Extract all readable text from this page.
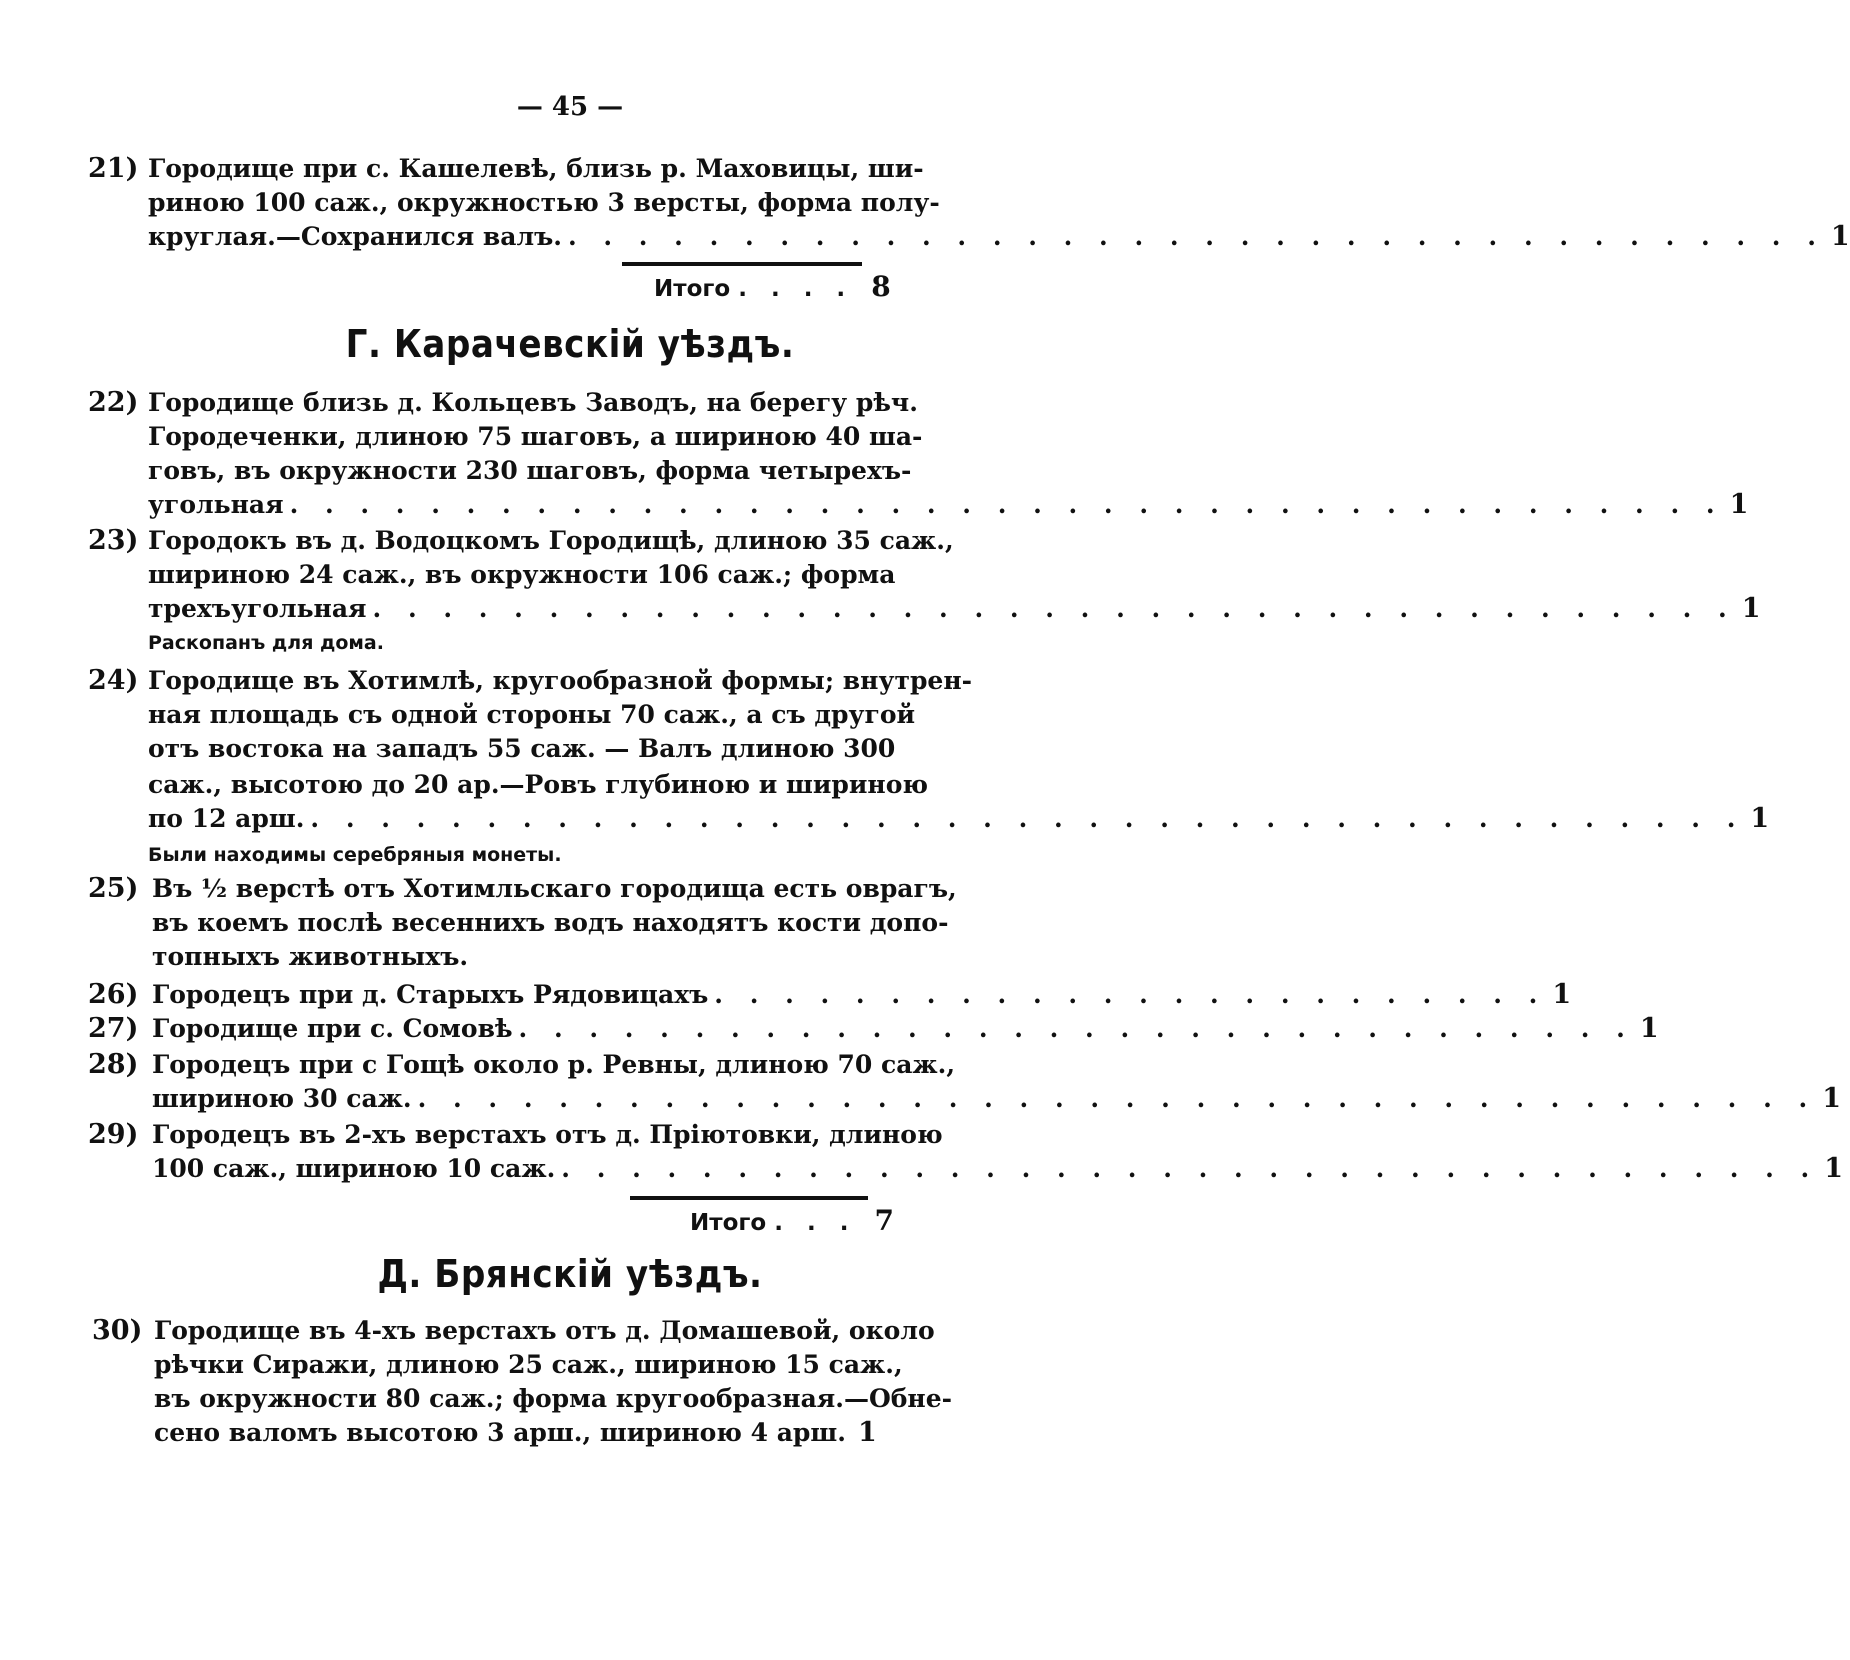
— 45 —
21) Городище при с. Кашелевѣ, близь р. Маховицы, ши-
риною 100 саж., окружностью 3 версты, форма полу-
круглая.—Сохранился валъ. . . . . . . . . . . . . . . . . . . . . . . . . . . . . . . . . . . . . 1
Итого . . . . 8
Г. Карачевскій уѣздъ.
22) Городище близь д. Кольцевъ Заводъ, на берегу рѣч.
Городеченки, длиною 75 шаговъ, а шириною 40 ша-
говъ, въ окружности 230 шаговъ, форма четырехъ-
угольная . . . . . . . . . . . . . . . . . . . . . . . . . . . . . . . . . . . . . . . . . 1
23) Городокъ въ д. Водоцкомъ Городищѣ, длиною 35 саж.,
шириною 24 саж., въ окружности 106 саж.; форма
трехъугольная . . . . . . . . . . . . . . . . . . . . . . . . . . . . . . . . . . . . . . . 1
Раскопанъ для дома.
24) Городище въ Хотимлѣ, кругообразной формы; внутрен-
ная площадь съ одной стороны 70 саж., а съ другой
отъ востока на западъ 55 саж. — Валъ длиною 300
саж., высотою до 20 ар.—Ровъ глубиною и шириною
по 12 арш. . . . . . . . . . . . . . . . . . . . . . . . . . . . . . . . . . . . . . . . . . 1
Были находимы серебряныя монеты.
25) Въ ½ верстѣ отъ Хотимльскаго городища есть оврагъ,
въ коемъ послѣ весеннихъ водъ находятъ кости допо-
топныхъ животныхъ.
26) Городецъ при д. Старыхъ Рядовицахъ . . . . . . . . . . . . . . . . . . . . . . . . 1
27) Городище при с. Сомовѣ . . . . . . . . . . . . . . . . . . . . . . . . . . . . . . . . 1
28) Городецъ при с Гощѣ около р. Ревны, длиною 70 саж.,
шириною 30 саж. . . . . . . . . . . . . . . . . . . . . . . . . . . . . . . . . . . . . . . . . 1
29) Городецъ въ 2-хъ верстахъ отъ д. Пріютовки, длиною
100 саж., шириною 10 саж. . . . . . . . . . . . . . . . . . . . . . . . . . . . . . . . . . . . . 1
Итого . . . 7
Д. Брянскій уѣздъ.
30) Городище въ 4-хъ верстахъ отъ д. Домашевой, около
рѣчки Сиражи, длиною 25 саж., шириною 15 саж.,
въ окружности 80 саж.; форма кругообразная.—Обне-
сено валомъ высотою 3 арш., шириною 4 арш. 1
